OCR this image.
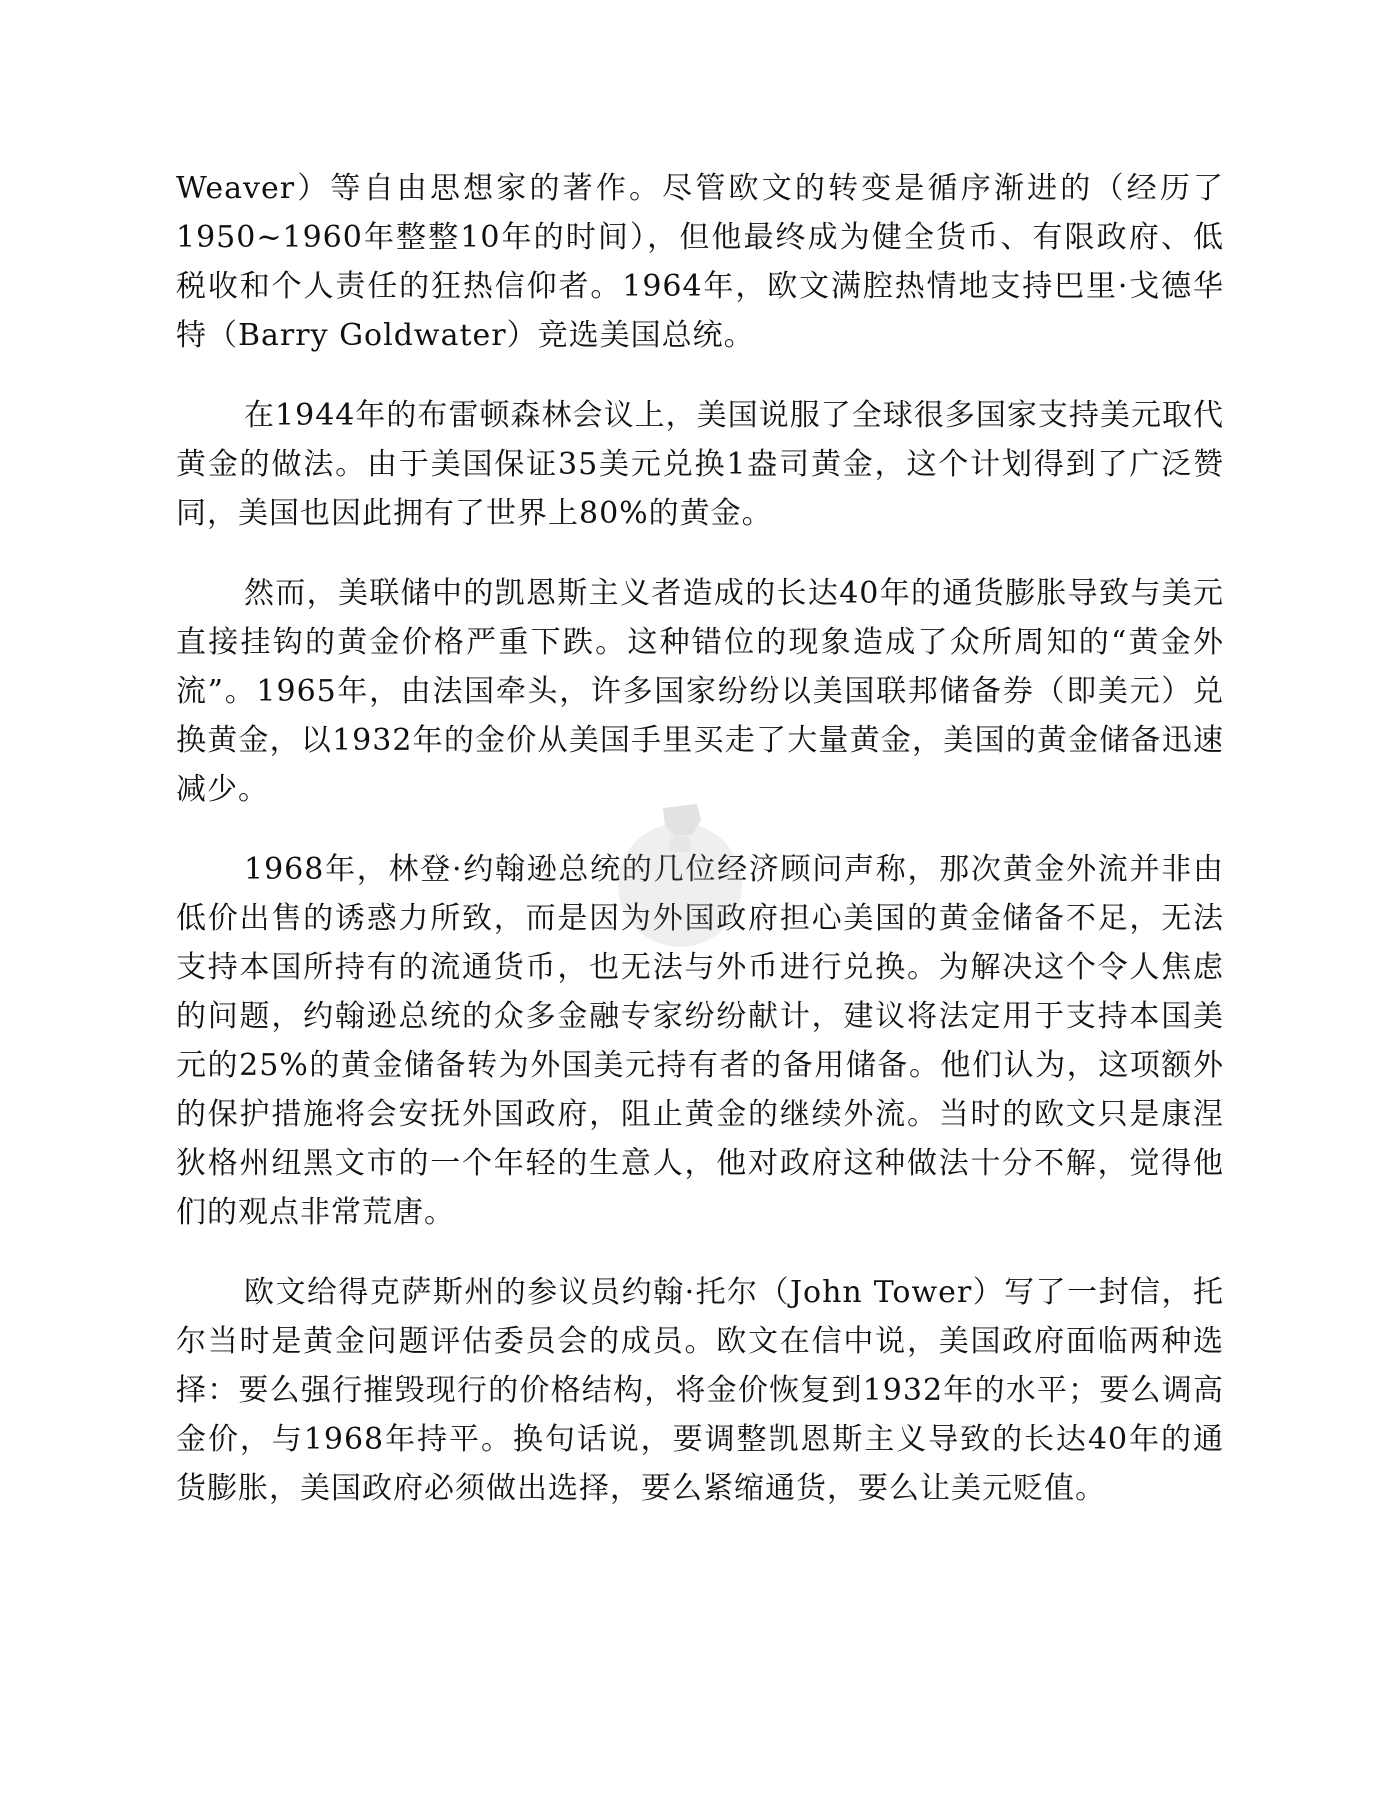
Weaver）等自由思想家的著作。尽管欧文的转变是循序渐进的（经历了1950~1960年整整10年的时间），但他最终成为健全货币、有限政府、低税收和个人责任的狂热信仰者。1964年，欧文满腔热情地支持巴里·戈德华特（Barry Goldwater）竞选美国总统。

在1944年的布雷顿森林会议上，美国说服了全球很多国家支持美元取代黄金的做法。由于美国保证35美元兑换1盎司黄金，这个计划得到了广泛赞同，美国也因此拥有了世界上80%的黄金。

然而，美联储中的凯恩斯主义者造成的长达40年的通货膨胀导致与美元直接挂钩的黄金价格严重下跌。这种错位的现象造成了众所周知的“黄金外流”。1965年，由法国牵头，许多国家纷纷以美国联邦储备券（即美元）兑换黄金，以1932年的金价从美国手里买走了大量黄金，美国的黄金储备迅速减少。

1968年，林登·约翰逊总统的几位经济顾问声称，那次黄金外流并非由低价出售的诱惑力所致，而是因为外国政府担心美国的黄金储备不足，无法支持本国所持有的流通货币，也无法与外币进行兑换。为解决这个令人焦虑的问题，约翰逊总统的众多金融专家纷纷献计，建议将法定用于支持本国美元的25%的黄金储备转为外国美元持有者的备用储备。他们认为，这项额外的保护措施将会安抚外国政府，阻止黄金的继续外流。当时的欧文只是康涅狄格州纽黑文市的一个年轻的生意人，他对政府这种做法十分不解，觉得他们的观点非常荒唐。

欧文给得克萨斯州的参议员约翰·托尔（John Tower）写了一封信，托尔当时是黄金问题评估委员会的成员。欧文在信中说，美国政府面临两种选择：要么强行摧毁现行的价格结构，将金价恢复到1932年的水平；要么调高金价，与1968年持平。换句话说，要调整凯恩斯主义导致的长达40年的通货膨胀，美国政府必须做出选择，要么紧缩通货，要么让美元贬值。
